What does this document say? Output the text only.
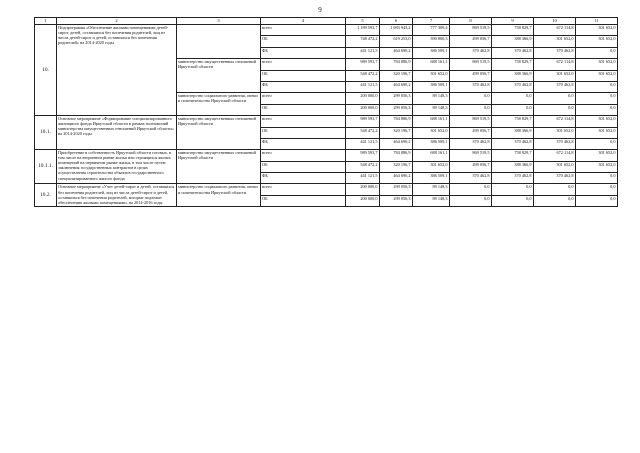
9
1	2	3	4	5	6	7	8	9	10	11
10.	Подпрограмма «Обеспечение жилыми помещениями детей-сирот, детей, оставшихся без попечения родителей, лиц из числа детей-сирот и детей, оставшихся без попечения родителей» на 2014-2020 годы		всего	1 189 593,7	1 083 943,2	777 309,4	869 519,5	758 829,7	672 114,8	301 652,0
			ОБ	748 472,2	619 253,0	390 800,3	499 056,7	388 366,9	301 652,0	301 652,0
			ФБ	441 121,5	464 690,2	386 509,1	370 462,8	370 462,8	370 462,8	0,0
		министерство имущественных отношений Иркутской области	всего	989 593,7	784 886,9	688 161,1	869 519,5	758 829,7	672 114,8	301 652,0
			ОБ	548 472,2	320 196,7	301 652,0	499 056,7	388 366,9	301 652,0	301 652,0
			ФБ	441 121,5	464 690,2	386 509,1	370 462,8	370 462,8	370 462,8	0,0
		министерство социального развития, опеки и попечительства Иркутской области	всего	200 000,0	299 056,3	89 148,3	0,0	0,0	0,0	0,0
			ОБ	200 000,0	299 056,3	89 148,3	0,0	0,0	0,0	0,0
10.1.	Основное мероприятие «Формирование специализированного жилищного фонда Иркутской области в рамках полномочий министерства имущественных отношений Иркутской области» на 2014-2020 годы	министерство имущественных отношений Иркутской области	всего	989 593,7	784 886,9	688 161,1	869 519,5	758 829,7	672 114,8	301 652,0
			ОБ	548 472,2	320 196,7	301 652,0	499 056,7	388 366,9	301 652,0	301 652,0
			ФБ	441 121,5	464 690,2	386 509,1	370 462,8	370 462,8	370 462,8	0,0
10.1.1.	Приобретение в собственность Иркутской области готовых, в том числе на вторичном рынке жилья или строящихся жилых помещений на первичном рынке жилья, в том числе путем заключения государственных контрактов в целях осуществления строительства объектов государственного специализированного жилого фонда	министерство имущественных отношений Иркутской области	всего	989 593,7	784 886,9	688 161,1	869 519,5	758 829,7	672 114,8	301 652,0
			ОБ	548 472,2	320 196,7	301 652,0	499 056,7	388 366,9	301 652,0	301 652,0
			ФБ	441 121,5	464 690,2	386 509,1	370 462,8	370 462,8	370 462,8	0,0
10.2.	Основное мероприятие «Учет детей-сирот и детей, оставшихся без попечения родителей, лиц из числа детей-сирот и детей, оставшихся без попечения родителей, которые подлежат обеспечению жилыми помещениями» на 2014-2016 годы	министерство социального развития, опеки и попечительства Иркутской области	всего	200 000,0	299 056,3	89 148,3	0,0	0,0	0,0	0,0
			ОБ	200 000,0	299 056,3	89 148,3	0,0	0,0	0,0	0,0
